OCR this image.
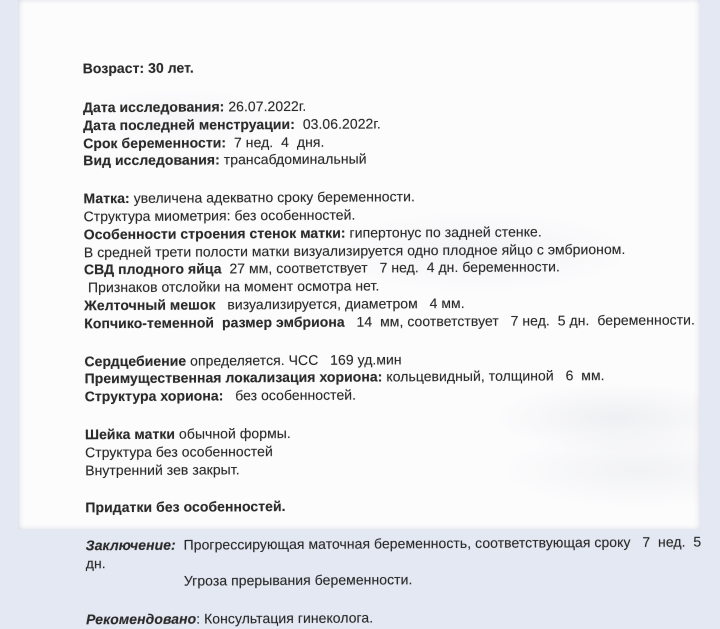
Возраст: 30 лет.

Дата исследования: 26.07.2022г.
Дата последней менструации:  03.06.2022г.
Срок беременности:  7 нед.  4  дня.
Вид исследования: трансабдоминальный
Матка: увеличена адекватно сроку беременности.
Структура миометрия: без особенностей.
Особенности строения стенок матки: гипертонус по задней стенке.
В средней трети полости матки визуализируется одно плодное яйцо с эмбрионом.
СВД плодного яйца  27 мм, соответствует   7 нед.  4 дн. беременности.
Признаков отслойки на момент осмотра нет.
Желточный мешок   визуализируется, диаметром   4 мм.
Копчико-теменной  размер эмбриона   14  мм, соответствует   7 нед.  5 дн.  беременности.
Сердцебиение определяется. ЧСС   169 уд.мин
Преимущественная локализация хориона: кольцевидный, толщиной   6  мм.
Структура хориона:   без особенностей.
Шейка матки обычной формы.
Структура без особенностей
Внутренний зев закрыт.
Придатки без особенностей.
Заключение:  Прогрессирующая маточная беременность, соответствующая сроку   7  нед.  5 дн.
Угроза прерывания беременности.
Рекомендовано: Консультация гинеколога.
